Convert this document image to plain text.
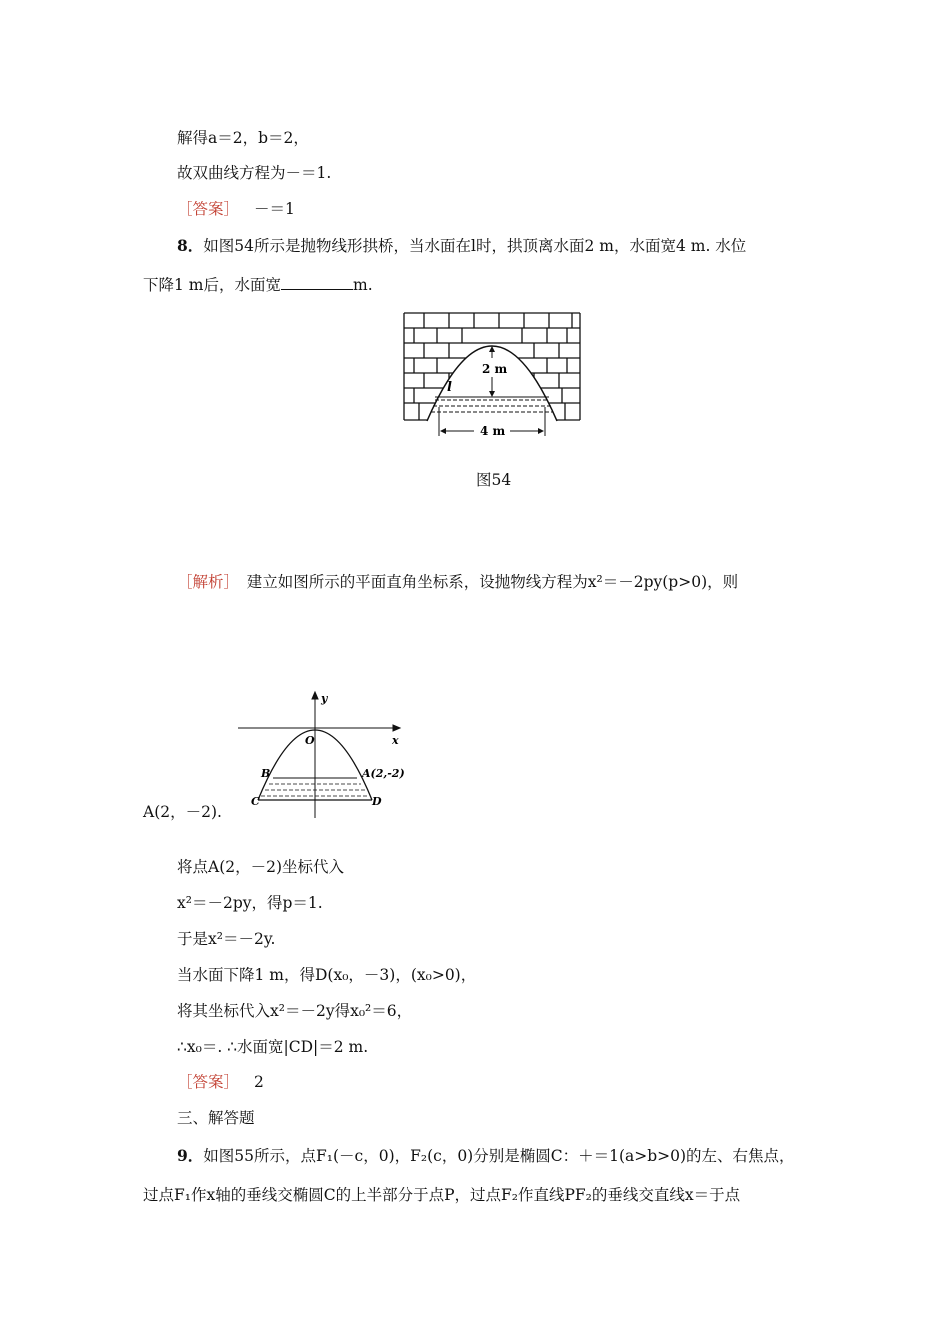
解得a＝2，b＝2，
故双曲线方程为－＝1.
［答案］ －＝1
8．如图54所示是抛物线形拱桥，当水面在l时，拱顶离水面2 m，水面宽4 m. 水位
下降1 m后，水面宽	m.
2 m
l
4 m
图54
［解析］　建立如图所示的平面直角坐标系，设抛物线方程为x²＝－2py(p>0)，则
y
x
O
B	A(2,-2)
C	D
A(2，－2).
将点A(2，－2)坐标代入
x²＝－2py，得p＝1.
于是x²＝－2y.
当水面下降1 m，得D(x₀，－3)，(x₀>0)，
将其坐标代入x²＝－2y得x₀²＝6，
∴x₀＝. ∴水面宽|CD|＝2 m.
［答案］ 2
三、解答题
9．如图55所示，点F₁(－c，0)，F₂(c，0)分别是椭圆C：＋＝1(a>b>0)的左、右焦点，
过点F₁作x轴的垂线交椭圆C的上半部分于点P，过点F₂作直线PF₂的垂线交直线x＝于点
